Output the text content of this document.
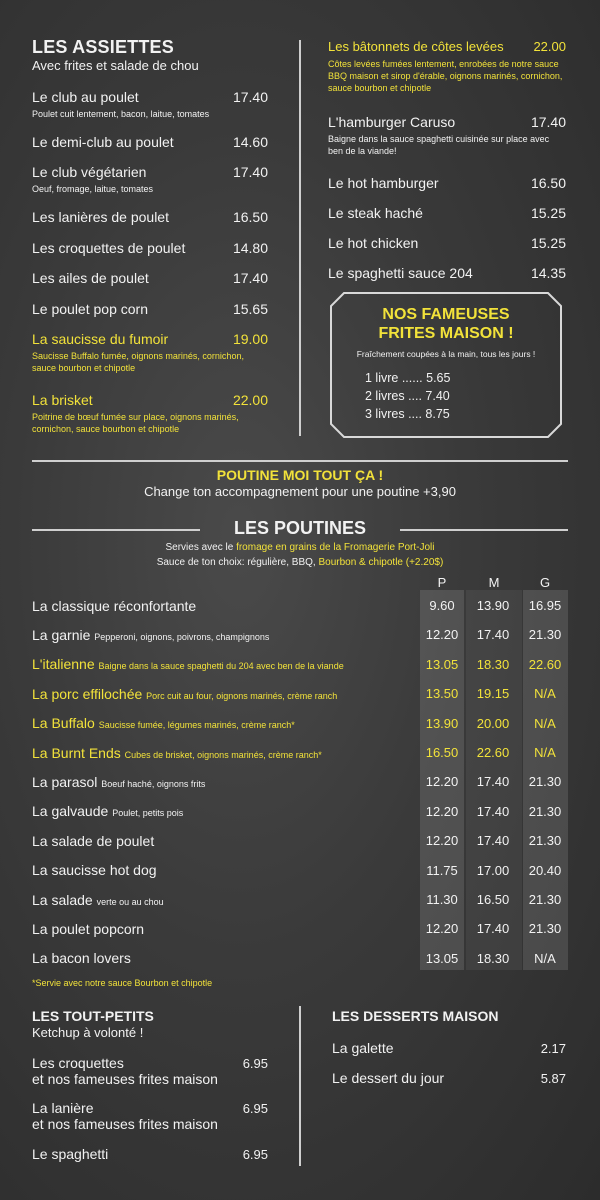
LES ASSIETTES
Avec frites et salade de chou
Le club au poulet	17.40
Poulet cuit lentement, bacon, laitue, tomates
Le demi-club au poulet	14.60
Le club végétarien	17.40
Oeuf, fromage, laitue, tomates
Les lanières de poulet	16.50
Les croquettes de poulet	14.80
Les ailes de poulet	17.40
Le poulet pop corn	15.65
La saucisse du fumoir	19.00
Saucisse Buffalo fumée, oignons marinés, cornichon, sauce bourbon et chipotle
La brisket	22.00
Poitrine de bœuf fumée sur place, oignons marinés, cornichon, sauce bourbon et chipotle
Les bâtonnets de côtes levées 22.00
Côtes levées fumées lentement, enrobées de notre sauce BBQ maison et sirop d'érable, oignons marinés, cornichon, sauce bourbon et chipotle
L'hamburger Caruso	17.40
Baigne dans la sauce spaghetti cuisinée sur place avec ben de la viande!
Le hot hamburger	16.50
Le steak haché	15.25
Le hot chicken	15.25
Le spaghetti sauce 204	14.35
NOS FAMEUSES
FRITES MAISON !
Fraîchement coupées à la main, tous les jours !
1 livre ...... 5.65
2 livres .... 7.40
3 livres .... 8.75
POUTINE MOI TOUT ÇA !
Change ton accompagnement pour une poutine +3,90
LES POUTINES
Servies avec le fromage en grains de la Fromagerie Port-Joli
Sauce de ton choix: régulière, BBQ, Bourbon & chipotle (+2.20$)
P	M	G
La classique réconfortante	9.60	13.90	16.95
La garnie Pepperoni, oignons, poivrons, champignons	12.20	17.40	21.30
L'italienne Baigne dans la sauce spaghetti du 204 avec ben de la viande	13.05	18.30	22.60
La porc effilochée Porc cuit au four, oignons marinés, crème ranch	13.50	19.15	N/A
La Buffalo Saucisse fumée, légumes marinés, crème ranch*	13.90	20.00	N/A
La Burnt Ends Cubes de brisket, oignons marinés, crème ranch*	16.50	22.60	N/A
La parasol Boeuf haché, oignons frits	12.20	17.40	21.30
La galvaude Poulet, petits pois	12.20	17.40	21.30
La salade de poulet	12.20	17.40	21.30
La saucisse hot dog	11.75	17.00	20.40
La salade verte ou au chou	11.30	16.50	21.30
La poulet popcorn	12.20	17.40	21.30
La bacon lovers	13.05	18.30	N/A
*Servie avec notre sauce Bourbon et chipotle
LES TOUT-PETITS
Ketchup à volonté !
Les croquettes
et nos fameuses frites maison
6.95
La lanière
et nos fameuses frites maison
6.95
Le spaghetti	6.95
LES DESSERTS MAISON
La galette	2.17
Le dessert du jour	5.87
